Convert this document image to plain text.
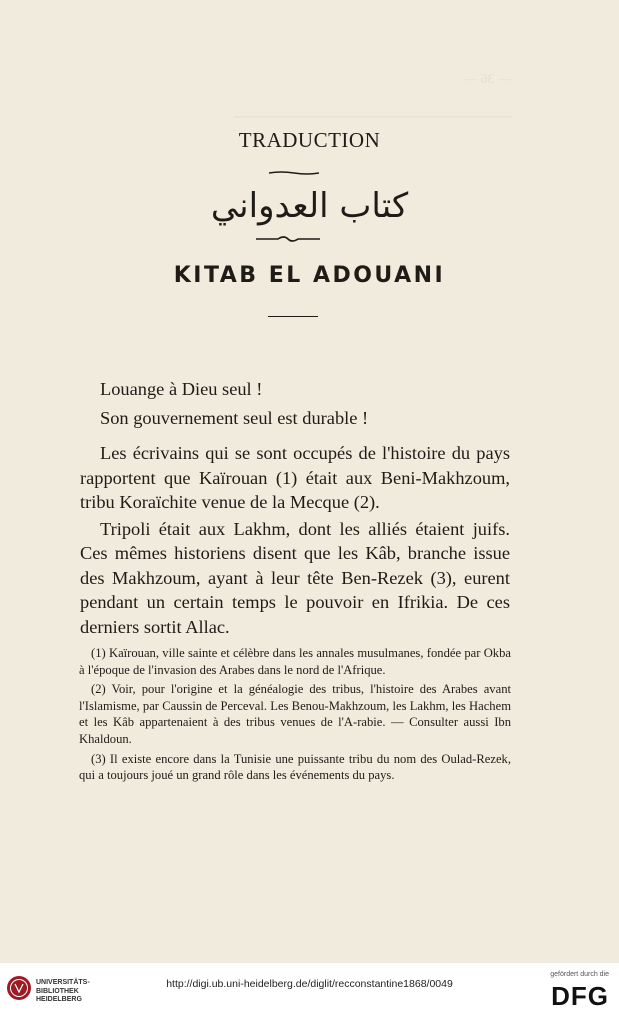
— 36 —

────────────────────────────
TRADUCTION
كتاب العدواني
KITAB EL ADOUANI

Louange à Dieu seul !

Son gouvernement seul est durable !

Les écrivains qui se sont occupés de l'histoire du pays rapportent que Kaïrouan (1) était aux Beni-Makhzoum, tribu Koraïchite venue de la Mecque (2).

Tripoli était aux Lakhm, dont les alliés étaient juifs. Ces mêmes historiens disent que les Kâb, branche issue des Makhzoum, ayant à leur tête Ben-Rezek (3), eurent pendant un certain temps le pouvoir en Ifrikia. De ces derniers sortit Allac.

(1) Kaïrouan, ville sainte et célèbre dans les annales musulmanes, fondée par Okba à l'époque de l'invasion des Arabes dans le nord de l'Afrique.

(2) Voir, pour l'origine et la généalogie des tribus, l'histoire des Arabes avant l'Islamisme, par Caussin de Perceval. Les Benou-Makhzoum, les Lakhm, les Hachem et les Kâb appartenaient à des tribus venues de l'A-rabie. — Consulter aussi Ibn Khaldoun.

(3) Il existe encore dans la Tunisie une puissante tribu du nom des Oulad-Rezek, qui a toujours joué un grand rôle dans les événements du pays.

UNIVERSITÄTS-BIBLIOTHEK HEIDELBERG
http://digi.ub.uni-heidelberg.de/diglit/recconstantine1868/0049
gefördert durch die
DFG
